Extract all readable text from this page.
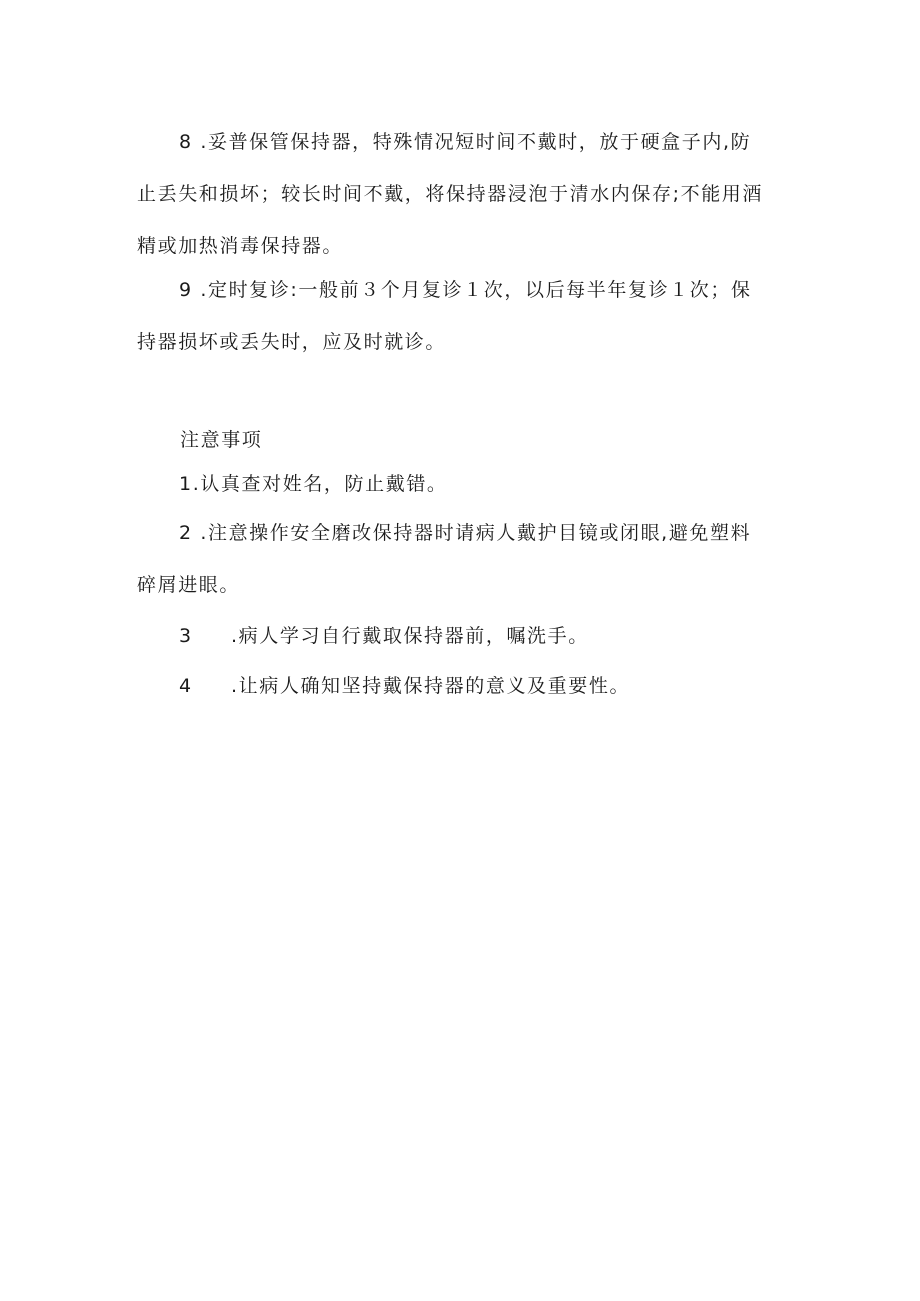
8 .妥普保管保持器，特殊情况短时间不戴时，放于硬盒子内,防
止丢失和损坏；较长时间不戴，将保持器浸泡于清水内保存;不能用酒
精或加热消毒保持器。
9 .定时复诊:一般前３个月复诊１次，以后每半年复诊１次；保
持器损坏或丢失时，应及时就诊。
注意事项
1.认真查对姓名，防止戴错。
2 .注意操作安全磨改保持器时请病人戴护目镜或闭眼,避免塑料
碎屑进眼。
3 .病人学习自行戴取保持器前，嘱洗手。
4 .让病人确知坚持戴保持器的意义及重要性。
